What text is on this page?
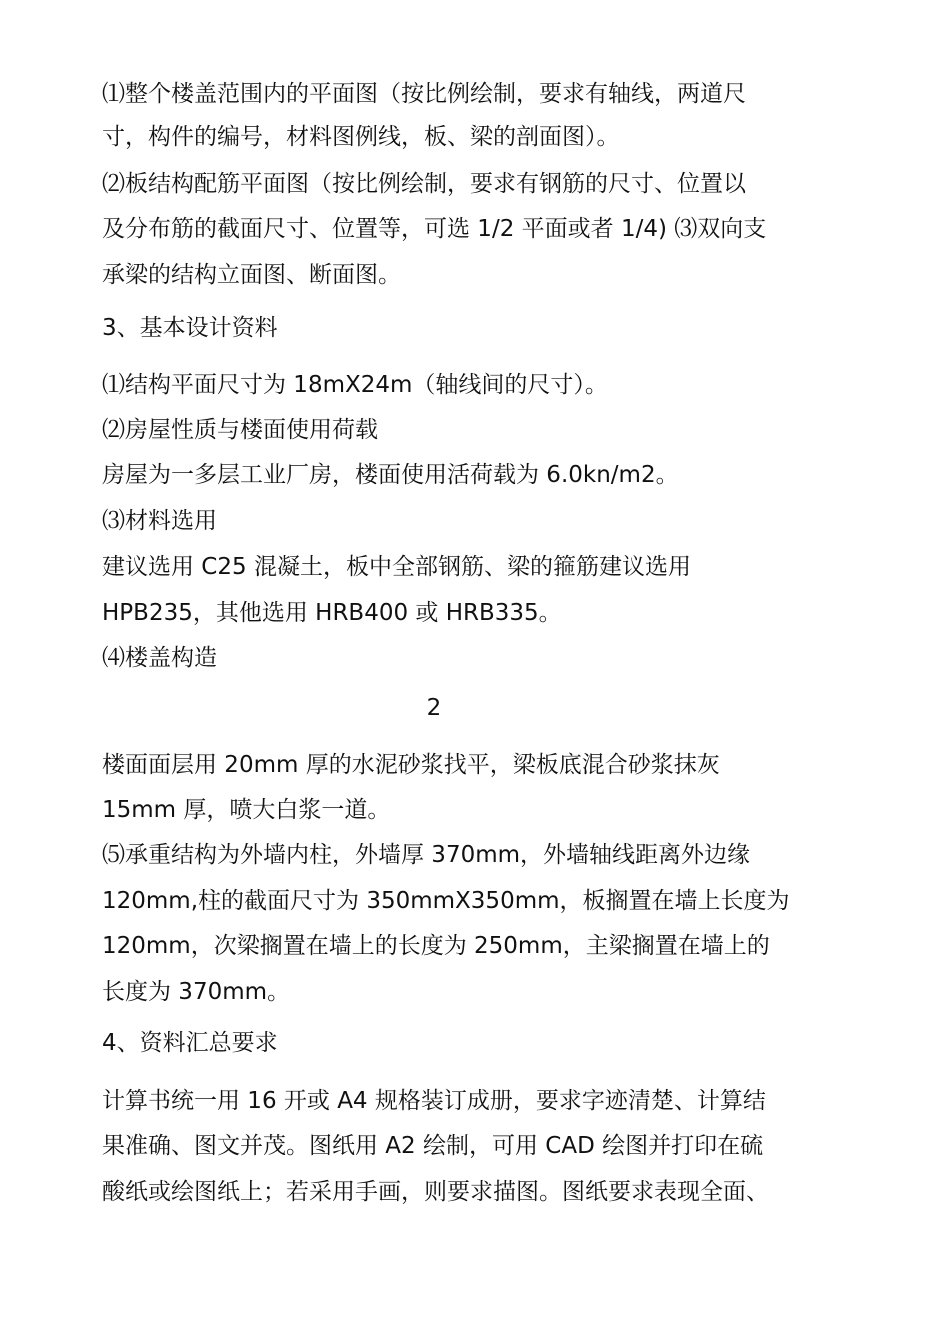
⑴整个楼盖范围内的平面图（按比例绘制，要求有轴线，两道尺

寸，构件的编号，材料图例线，板、梁的剖面图）。

⑵板结构配筋平面图（按比例绘制，要求有钢筋的尺寸、位置以

及分布筋的截面尺寸、位置等，可选 1/2 平面或者 1/4) ⑶双向支

承梁的结构立面图、断面图。

3、基本设计资料

⑴结构平面尺寸为 18mX24m（轴线间的尺寸）。

⑵房屋性质与楼面使用荷载

房屋为一多层工业厂房，楼面使用活荷载为 6.0kn/m2。

⑶材料选用

建议选用 C25 混凝土，板中全部钢筋、梁的箍筋建议选用

HPB235，其他选用 HRB400 或 HRB335。

⑷楼盖构造

2

楼面面层用 20mm 厚的水泥砂浆找平，梁板底混合砂浆抹灰

15mm 厚，喷大白浆一道。

⑸承重结构为外墙内柱，外墙厚 370mm，外墙轴线距离外边缘

120mm,柱的截面尺寸为 350mmX350mm，板搁置在墙上长度为

120mm，次梁搁置在墙上的长度为 250mm，主梁搁置在墙上的

长度为 370mm。

4、资料汇总要求

计算书统一用 16 开或 A4 规格装订成册，要求字迹清楚、计算结

果准确、图文并茂。图纸用 A2 绘制，可用 CAD 绘图并打印在硫

酸纸或绘图纸上；若采用手画，则要求描图。图纸要求表现全面、
